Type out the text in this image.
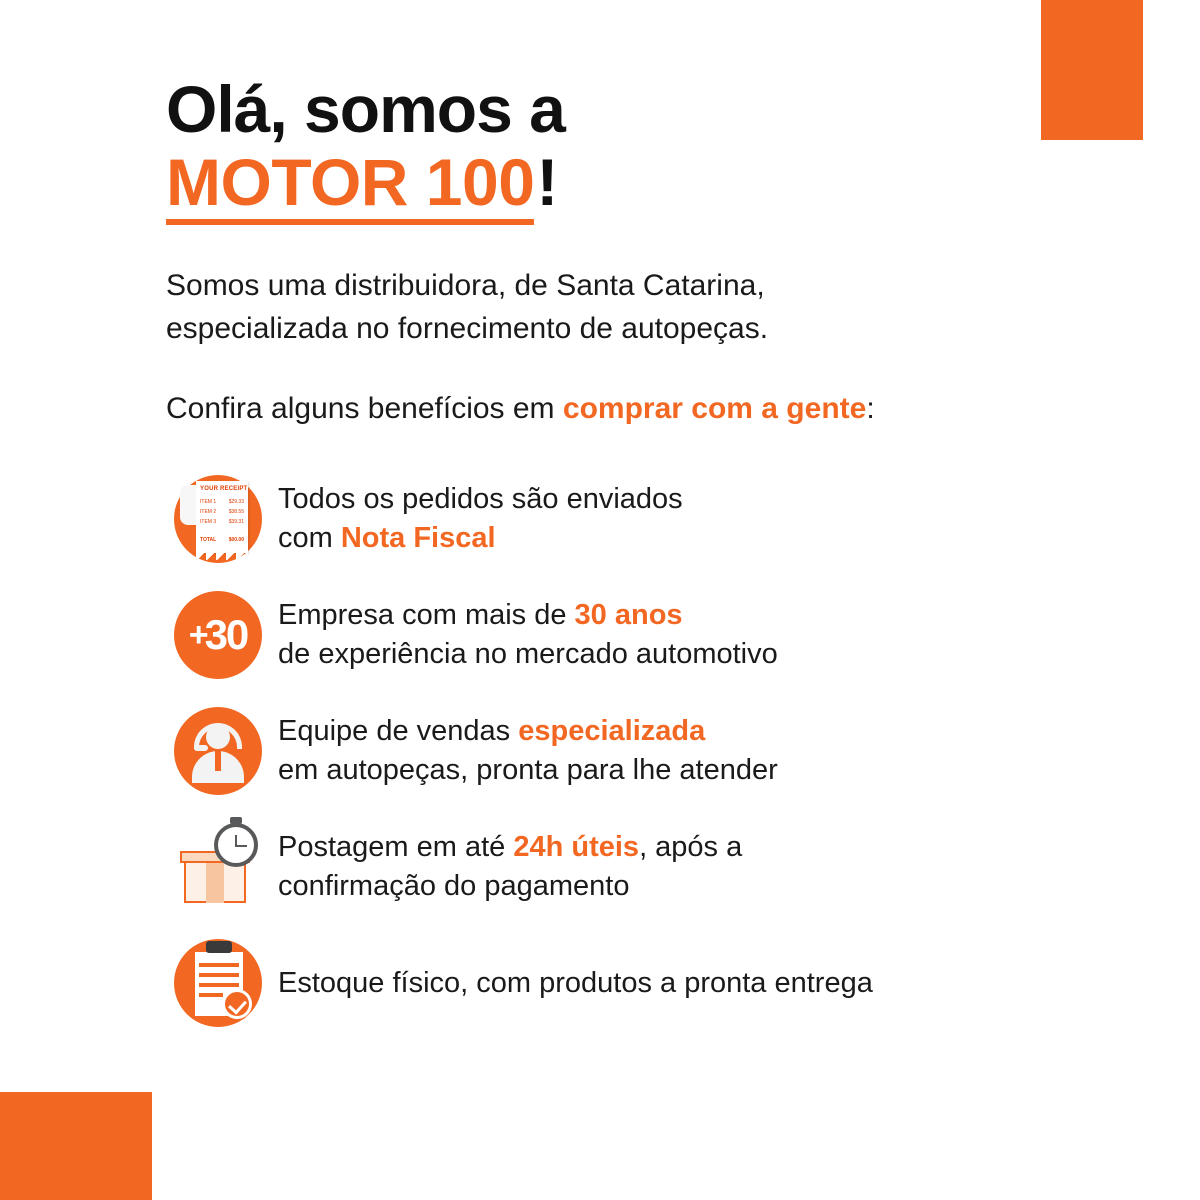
Olá, somos a
MOTOR 100 !

Somos uma distribuidora, de Santa Catarina,
especializada no fornecimento de autopeças.

Confira alguns benefícios em comprar com a gente:

YOUR RECEIPT
ITEM 1	$29.33
ITEM 2	$38.55
ITEM 3	$39.31
TOTAL	$00.00
Todos os pedidos são enviados
com Nota Fiscal
+
30 Empresa com mais de 30 anos
de experiência no mercado automotivo
Equipe de vendas especializada
em autopeças, pronta para lhe atender
Postagem em até 24h úteis, após a
confirmação do pagamento
Estoque físico, com produtos a pronta entrega
